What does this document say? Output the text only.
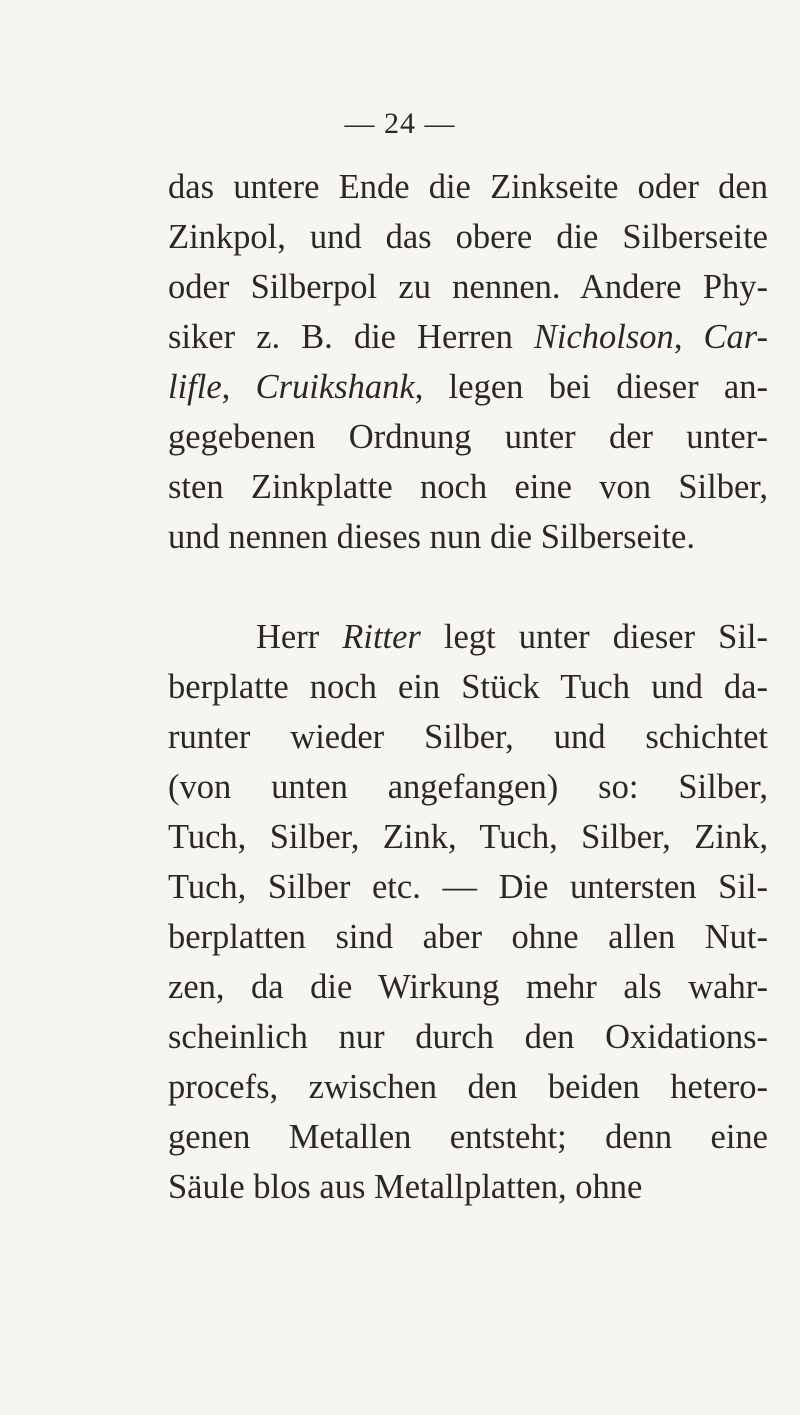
— 24 —
das untere Ende die Zinkseite oder den
Zinkpol, und das obere die Silberseite
oder Silberpol zu nennen. Andere Phy-
siker z. B. die Herren Nicholson, Car-
lifle, Cruikshank, legen bei dieser an-
gegebenen Ordnung unter der unter-
sten Zinkplatte noch eine von Silber,
und nennen dieses nun die Silberseite.
Herr Ritter legt unter dieser Sil-
berplatte noch ein Stück Tuch und da-
runter wieder Silber, und schichtet
(von unten angefangen) so: Silber,
Tuch, Silber, Zink, Tuch, Silber, Zink,
Tuch, Silber etc. — Die untersten Sil-
berplatten sind aber ohne allen Nut-
zen, da die Wirkung mehr als wahr-
scheinlich nur durch den Oxidations-
procefs, zwischen den beiden hetero-
genen Metallen entsteht; denn eine
Säule blos aus Metallplatten, ohne
